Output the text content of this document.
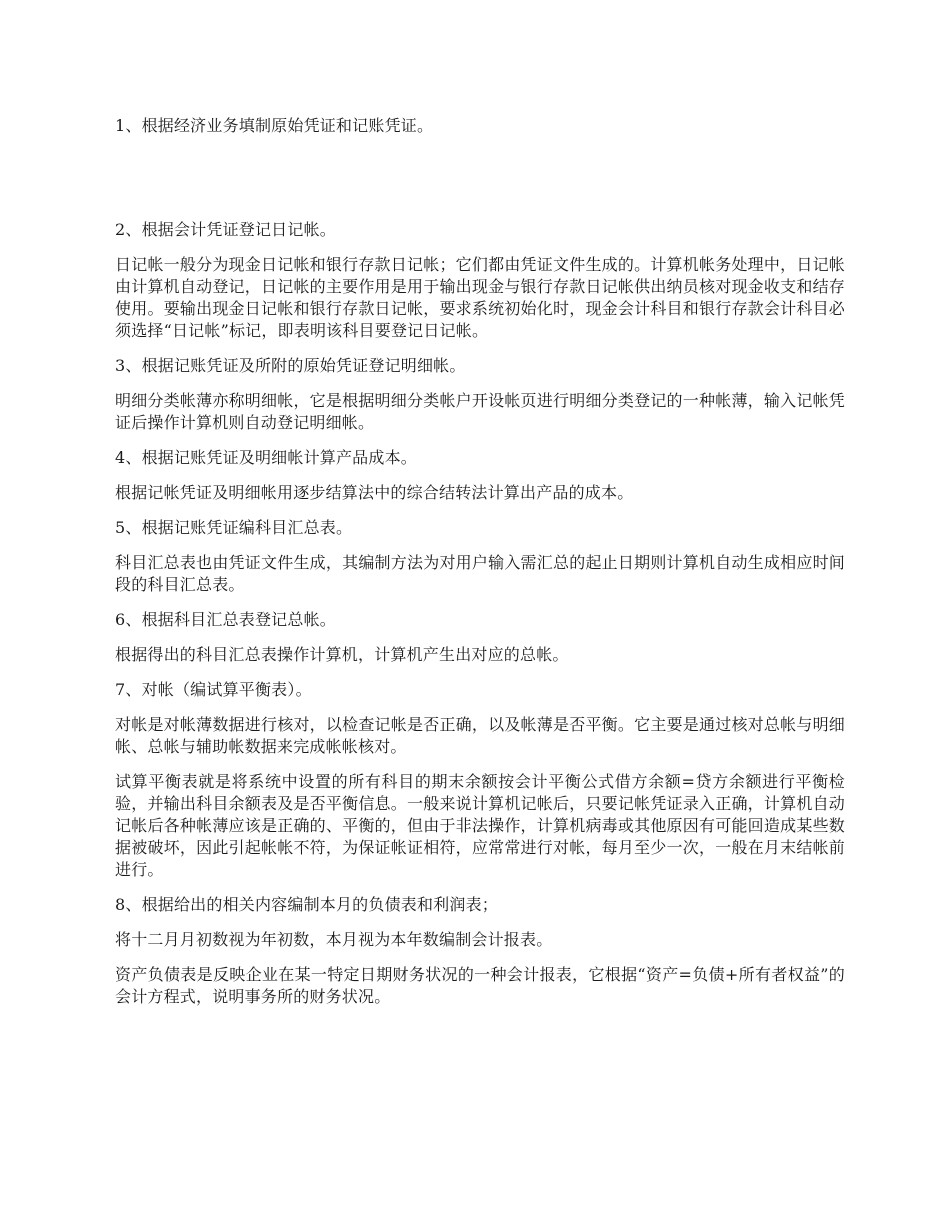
1、根据经济业务填制原始凭证和记账凭证。

2、根据会计凭证登记日记帐。

日记帐一般分为现金日记帐和银行存款日记帐；它们都由凭证文件生成的。计算机帐务处理中，日记帐由计算机自动登记，日记帐的主要作用是用于输出现金与银行存款日记帐供出纳员核对现金收支和结存使用。要输出现金日记帐和银行存款日记帐，要求系统初始化时，现金会计科目和银行存款会计科目必须选择“日记帐”标记，即表明该科目要登记日记帐。

3、根据记账凭证及所附的原始凭证登记明细帐。

明细分类帐薄亦称明细帐，它是根据明细分类帐户开设帐页进行明细分类登记的一种帐薄，输入记帐凭证后操作计算机则自动登记明细帐。

4、根据记账凭证及明细帐计算产品成本。

根据记帐凭证及明细帐用逐步结算法中的综合结转法计算出产品的成本。

5、根据记账凭证编科目汇总表。

科目汇总表也由凭证文件生成，其编制方法为对用户输入需汇总的起止日期则计算机自动生成相应时间段的科目汇总表。

6、根据科目汇总表登记总帐。

根据得出的科目汇总表操作计算机，计算机产生出对应的总帐。

7、对帐（编试算平衡表）。

对帐是对帐薄数据进行核对，以检查记帐是否正确，以及帐薄是否平衡。它主要是通过核对总帐与明细帐、总帐与辅助帐数据来完成帐帐核对。

试算平衡表就是将系统中设置的所有科目的期末余额按会计平衡公式借方余额=贷方余额进行平衡检验，并输出科目余额表及是否平衡信息。一般来说计算机记帐后，只要记帐凭证录入正确，计算机自动记帐后各种帐薄应该是正确的、平衡的，但由于非法操作，计算机病毒或其他原因有可能回造成某些数据被破坏，因此引起帐帐不符，为保证帐证相符，应常常进行对帐，每月至少一次，一般在月末结帐前进行。

8、根据给出的相关内容编制本月的负债表和利润表；

将十二月月初数视为年初数，本月视为本年数编制会计报表。

资产负债表是反映企业在某一特定日期财务状况的一种会计报表，它根据“资产=负债+所有者权益”的会计方程式，说明事务所的财务状况。
